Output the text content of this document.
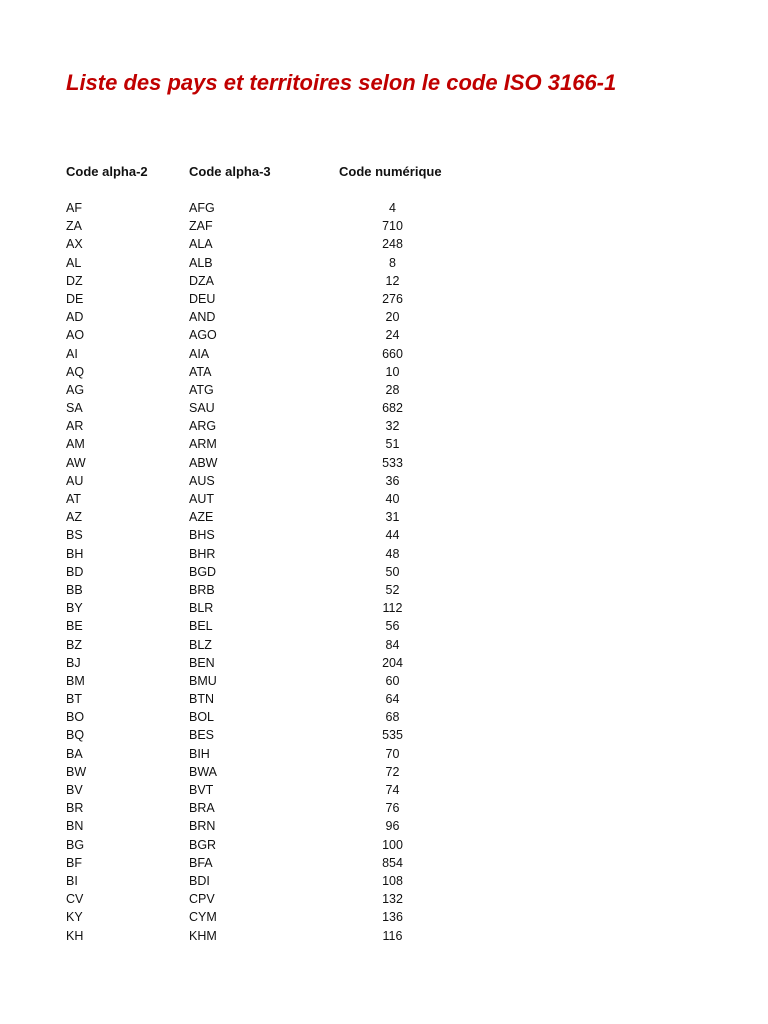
Liste des pays et territoires selon le code ISO 3166-1
Code alpha-2	Code alpha-3	Code numérique
AF	AFG	4
ZA	ZAF	710
AX	ALA	248
AL	ALB	8
DZ	DZA	12
DE	DEU	276
AD	AND	20
AO	AGO	24
AI	AIA	660
AQ	ATA	10
AG	ATG	28
SA	SAU	682
AR	ARG	32
AM	ARM	51
AW	ABW	533
AU	AUS	36
AT	AUT	40
AZ	AZE	31
BS	BHS	44
BH	BHR	48
BD	BGD	50
BB	BRB	52
BY	BLR	112
BE	BEL	56
BZ	BLZ	84
BJ	BEN	204
BM	BMU	60
BT	BTN	64
BO	BOL	68
BQ	BES	535
BA	BIH	70
BW	BWA	72
BV	BVT	74
BR	BRA	76
BN	BRN	96
BG	BGR	100
BF	BFA	854
BI	BDI	108
CV	CPV	132
KY	CYM	136
KH	KHM	116
